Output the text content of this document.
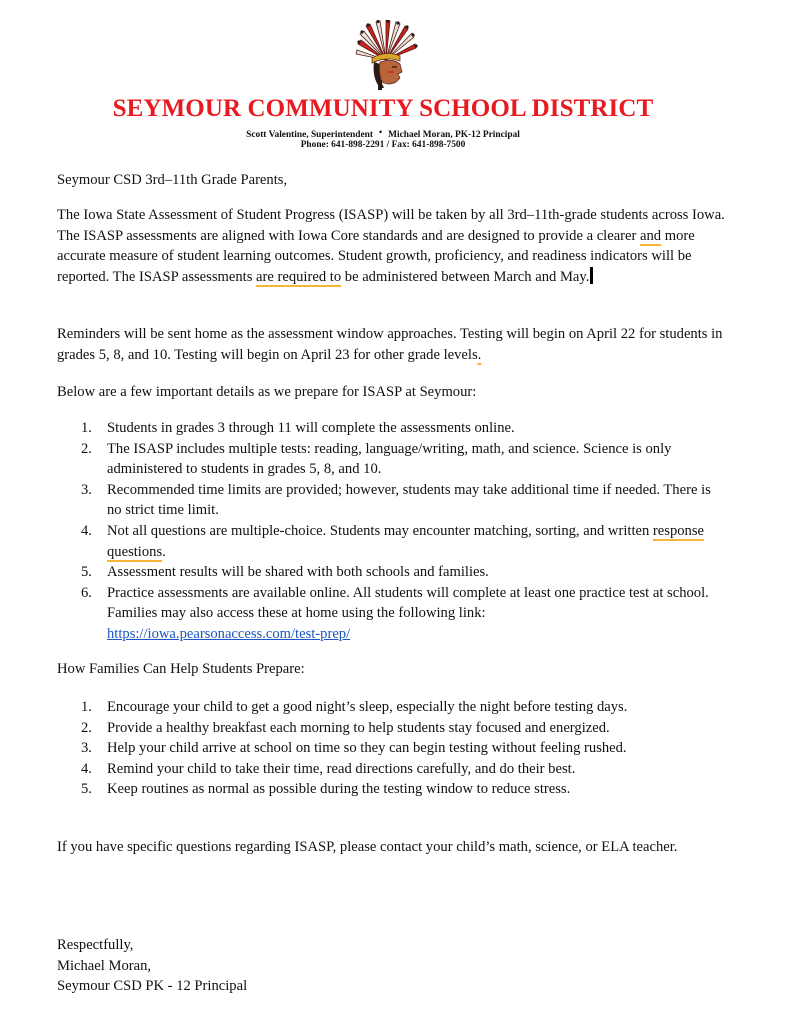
SEYMOUR COMMUNITY SCHOOL DISTRICT
Scott Valentine, Superintendent • Michael Moran, PK-12 Principal
Phone: 641-898-2291 / Fax: 641-898-7500
Seymour CSD 3rd–11th Grade Parents,
The Iowa State Assessment of Student Progress (ISASP) will be taken by all 3rd–11th-grade students across Iowa. The ISASP assessments are aligned with Iowa Core standards and are designed to provide a clearer and more accurate measure of student learning outcomes. Student growth, proficiency, and readiness indicators will be reported. The ISASP assessments are required to be administered between March and May.
Reminders will be sent home as the assessment window approaches. Testing will begin on April 22 for students in grades 5, 8, and 10. Testing will begin on April 23 for other grade levels.
Below are a few important details as we prepare for ISASP at Seymour:
1. Students in grades 3 through 11 will complete the assessments online.
2. The ISASP includes multiple tests: reading, language/writing, math, and science. Science is only administered to students in grades 5, 8, and 10.
3. Recommended time limits are provided; however, students may take additional time if needed. There is no strict time limit.
4. Not all questions are multiple-choice. Students may encounter matching, sorting, and written response questions.
5. Assessment results will be shared with both schools and families.
6. Practice assessments are available online. All students will complete at least one practice test at school. Families may also access these at home using the following link:
https://iowa.pearsonaccess.com/test-prep/
How Families Can Help Students Prepare:
1. Encourage your child to get a good night’s sleep, especially the night before testing days.
2. Provide a healthy breakfast each morning to help students stay focused and energized.
3. Help your child arrive at school on time so they can begin testing without feeling rushed.
4. Remind your child to take their time, read directions carefully, and do their best.
5. Keep routines as normal as possible during the testing window to reduce stress.
If you have specific questions regarding ISASP, please contact your child’s math, science, or ELA teacher.
Respectfully,
Michael Moran,
Seymour CSD PK - 12 Principal
